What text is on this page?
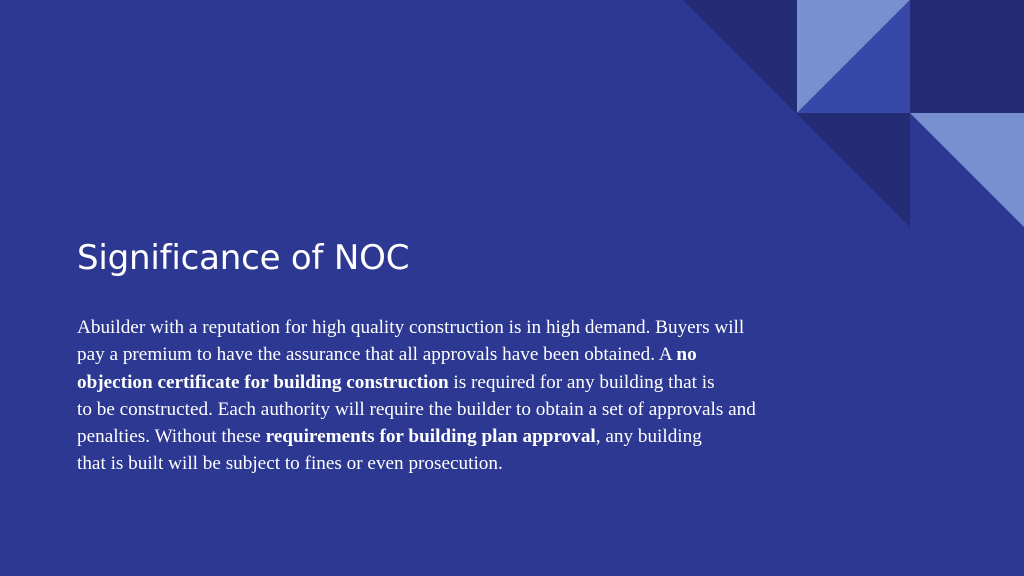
Significance of NOC

Abuilder with a reputation for high quality construction is in high demand. Buyers will
pay a premium to have the assurance that all approvals have been obtained. A no
objection certificate for building construction is required for any building that is
to be constructed. Each authority will require the builder to obtain a set of approvals and
penalties. Without these requirements for building plan approval, any building
that is built will be subject to fines or even prosecution.
